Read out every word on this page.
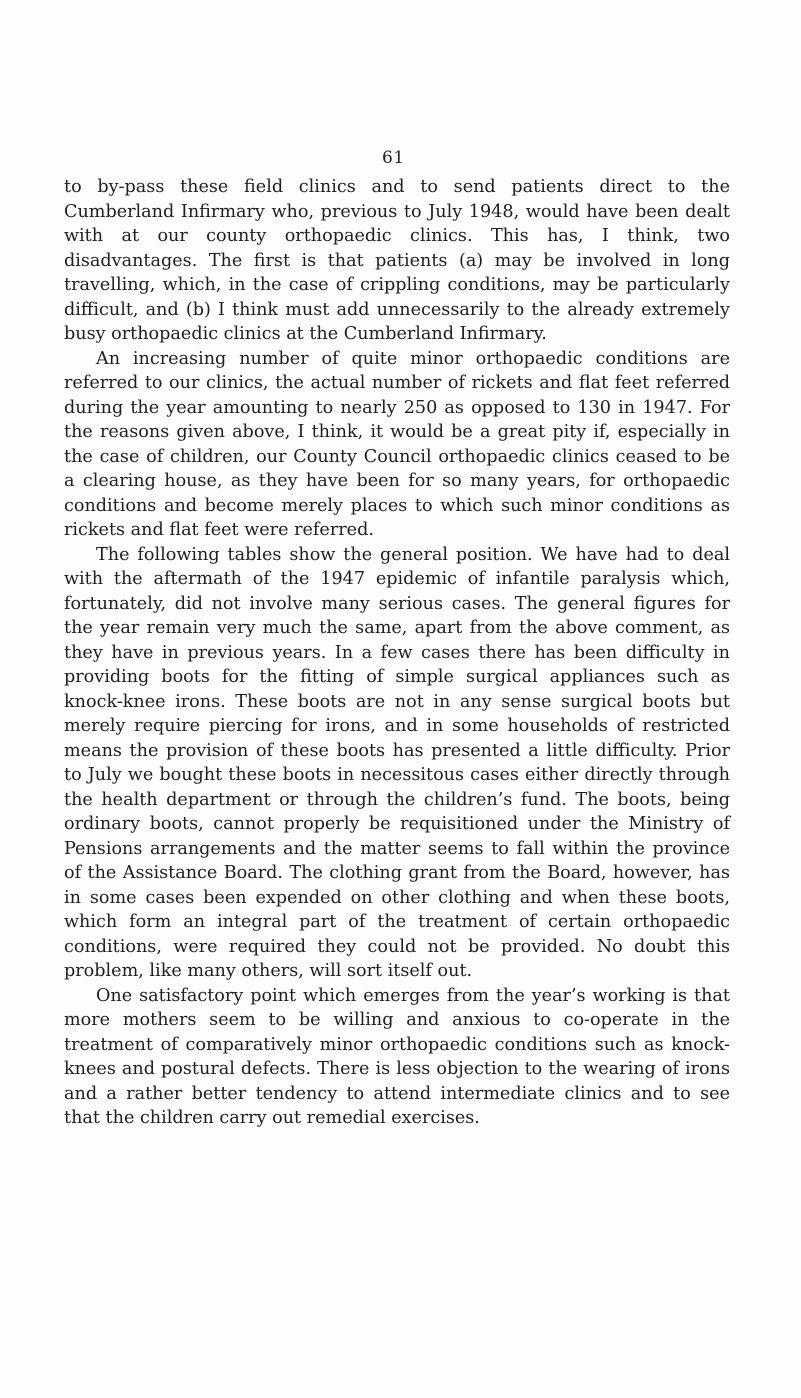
61

to by-pass these field clinics and to send patients direct to the Cumberland Infirmary who, previous to July 1948, would have been dealt with at our county orthopaedic clinics. This has, I think, two disadvantages. The first is that patients (a) may be involved in long travelling, which, in the case of crippling conditions, may be particularly difficult, and (b) I think must add unnecessarily to the already extremely busy orthopaedic clinics at the Cumberland Infirmary.

An increasing number of quite minor orthopaedic conditions are referred to our clinics, the actual number of rickets and flat feet referred during the year amounting to nearly 250 as opposed to 130 in 1947. For the reasons given above, I think, it would be a great pity if, especially in the case of children, our County Council orthopaedic clinics ceased to be a clearing house, as they have been for so many years, for orthopaedic conditions and become merely places to which such minor conditions as rickets and flat feet were referred.

The following tables show the general position. We have had to deal with the aftermath of the 1947 epidemic of infantile paralysis which, fortunately, did not involve many serious cases. The general figures for the year remain very much the same, apart from the above comment, as they have in previous years. In a few cases there has been difficulty in providing boots for the fitting of simple surgical appliances such as knock-knee irons. These boots are not in any sense surgical boots but merely require piercing for irons, and in some households of restricted means the provision of these boots has presented a little difficulty. Prior to July we bought these boots in necessitous cases either directly through the health department or through the children’s fund. The boots, being ordinary boots, cannot properly be requisitioned under the Ministry of Pensions arrangements and the matter seems to fall within the province of the Assistance Board. The clothing grant from the Board, however, has in some cases been expended on other clothing and when these boots, which form an integral part of the treatment of certain orthopaedic conditions, were required they could not be provided. No doubt this problem, like many others, will sort itself out.

One satisfactory point which emerges from the year’s working is that more mothers seem to be willing and anxious to co-operate in the treatment of comparatively minor orthopaedic conditions such as knock-knees and postural defects. There is less objection to the wearing of irons and a rather better tendency to attend intermediate clinics and to see that the children carry out remedial exercises.
